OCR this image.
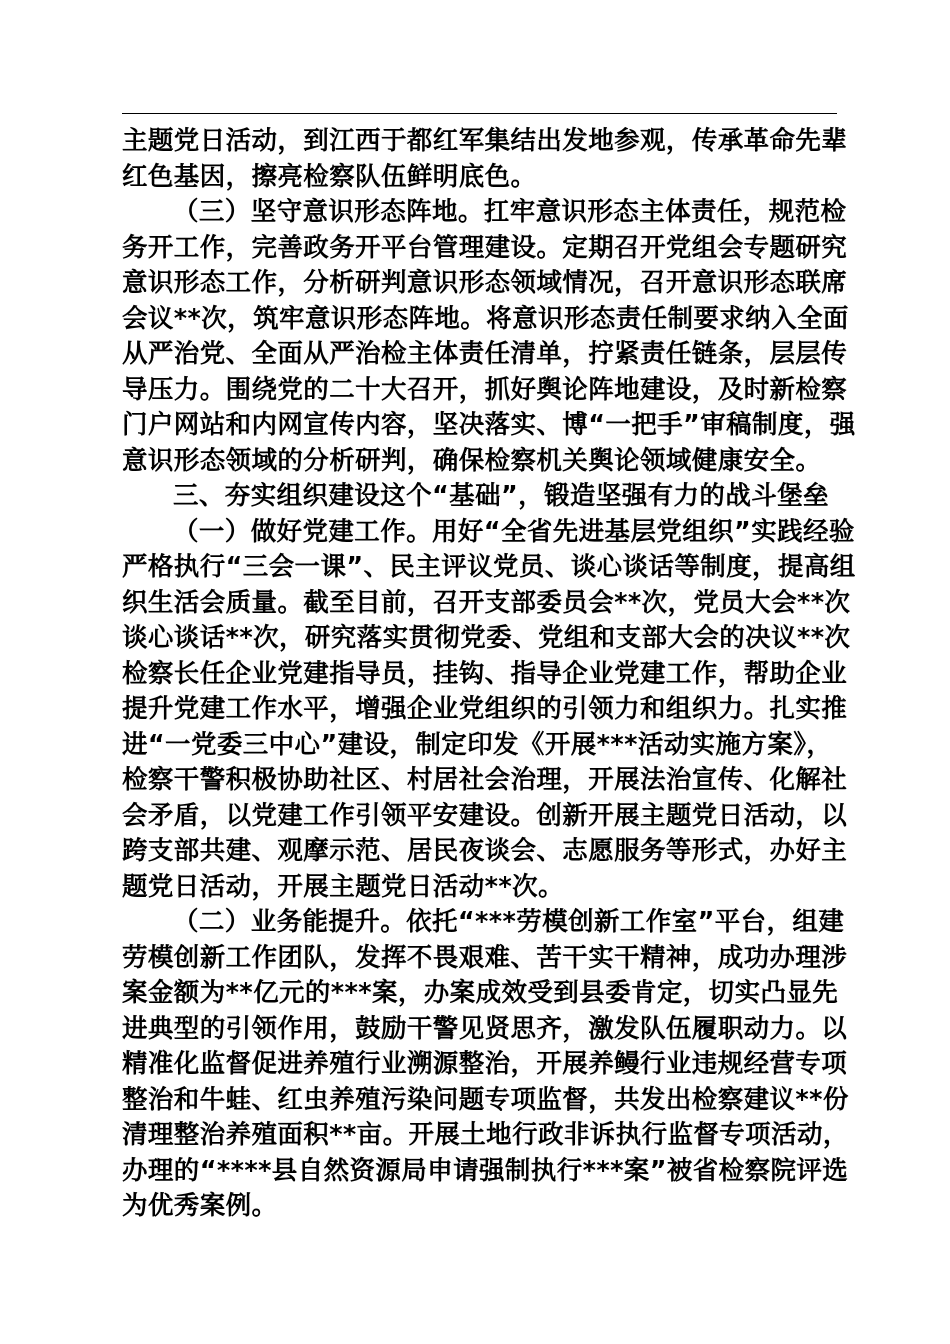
主题党日活动，到江西于都红军集结出发地参观，传承革命先辈
红色基因，擦亮检察队伍鲜明底色。
（三）坚守意识形态阵地。扛牢意识形态主体责任，规范检
务开工作，完善政务开平台管理建设。定期召开党组会专题研究
意识形态工作，分析研判意识形态领域情况，召开意识形态联席
会议**次，筑牢意识形态阵地。将意识形态责任制要求纳入全面
从严治党、全面从严治检主体责任清单，拧紧责任链条，层层传
导压力。围绕党的二十大召开，抓好舆论阵地建设，及时新检察
门户网站和内网宣传内容，坚决落实、博“一把手”审稿制度，强
意识形态领域的分析研判，确保检察机关舆论领域健康安全。
三、夯实组织建设这个“基础”，锻造坚强有力的战斗堡垒
（一）做好党建工作。用好“全省先进基层党组织”实践经验
严格执行“三会一课”、民主评议党员、谈心谈话等制度，提高组
织生活会质量。截至目前，召开支部委员会**次，党员大会**次
谈心谈话**次，研究落实贯彻党委、党组和支部大会的决议**次
检察长任企业党建指导员，挂钩、指导企业党建工作，帮助企业
提升党建工作水平，增强企业党组织的引领力和组织力。扎实推
进“一党委三中心”建设，制定印发《开展***活动实施方案》，
检察干警积极协助社区、村居社会治理，开展法治宣传、化解社
会矛盾，以党建工作引领平安建设。创新开展主题党日活动，以
跨支部共建、观摩示范、居民夜谈会、志愿服务等形式，办好主
题党日活动，开展主题党日活动**次。
（二）业务能提升。依托“***劳模创新工作室”平台，组建
劳模创新工作团队，发挥不畏艰难、苦干实干精神，成功办理涉
案金额为**亿元的***案，办案成效受到县委肯定，切实凸显先
进典型的引领作用，鼓励干警见贤思齐，激发队伍履职动力。以
精准化监督促进养殖行业溯源整治，开展养鳗行业违规经营专项
整治和牛蛙、红虫养殖污染问题专项监督，共发出检察建议**份
清理整治养殖面积**亩。开展土地行政非诉执行监督专项活动，
办理的“****县自然资源局申请强制执行***案”被省检察院评选
为优秀案例。
